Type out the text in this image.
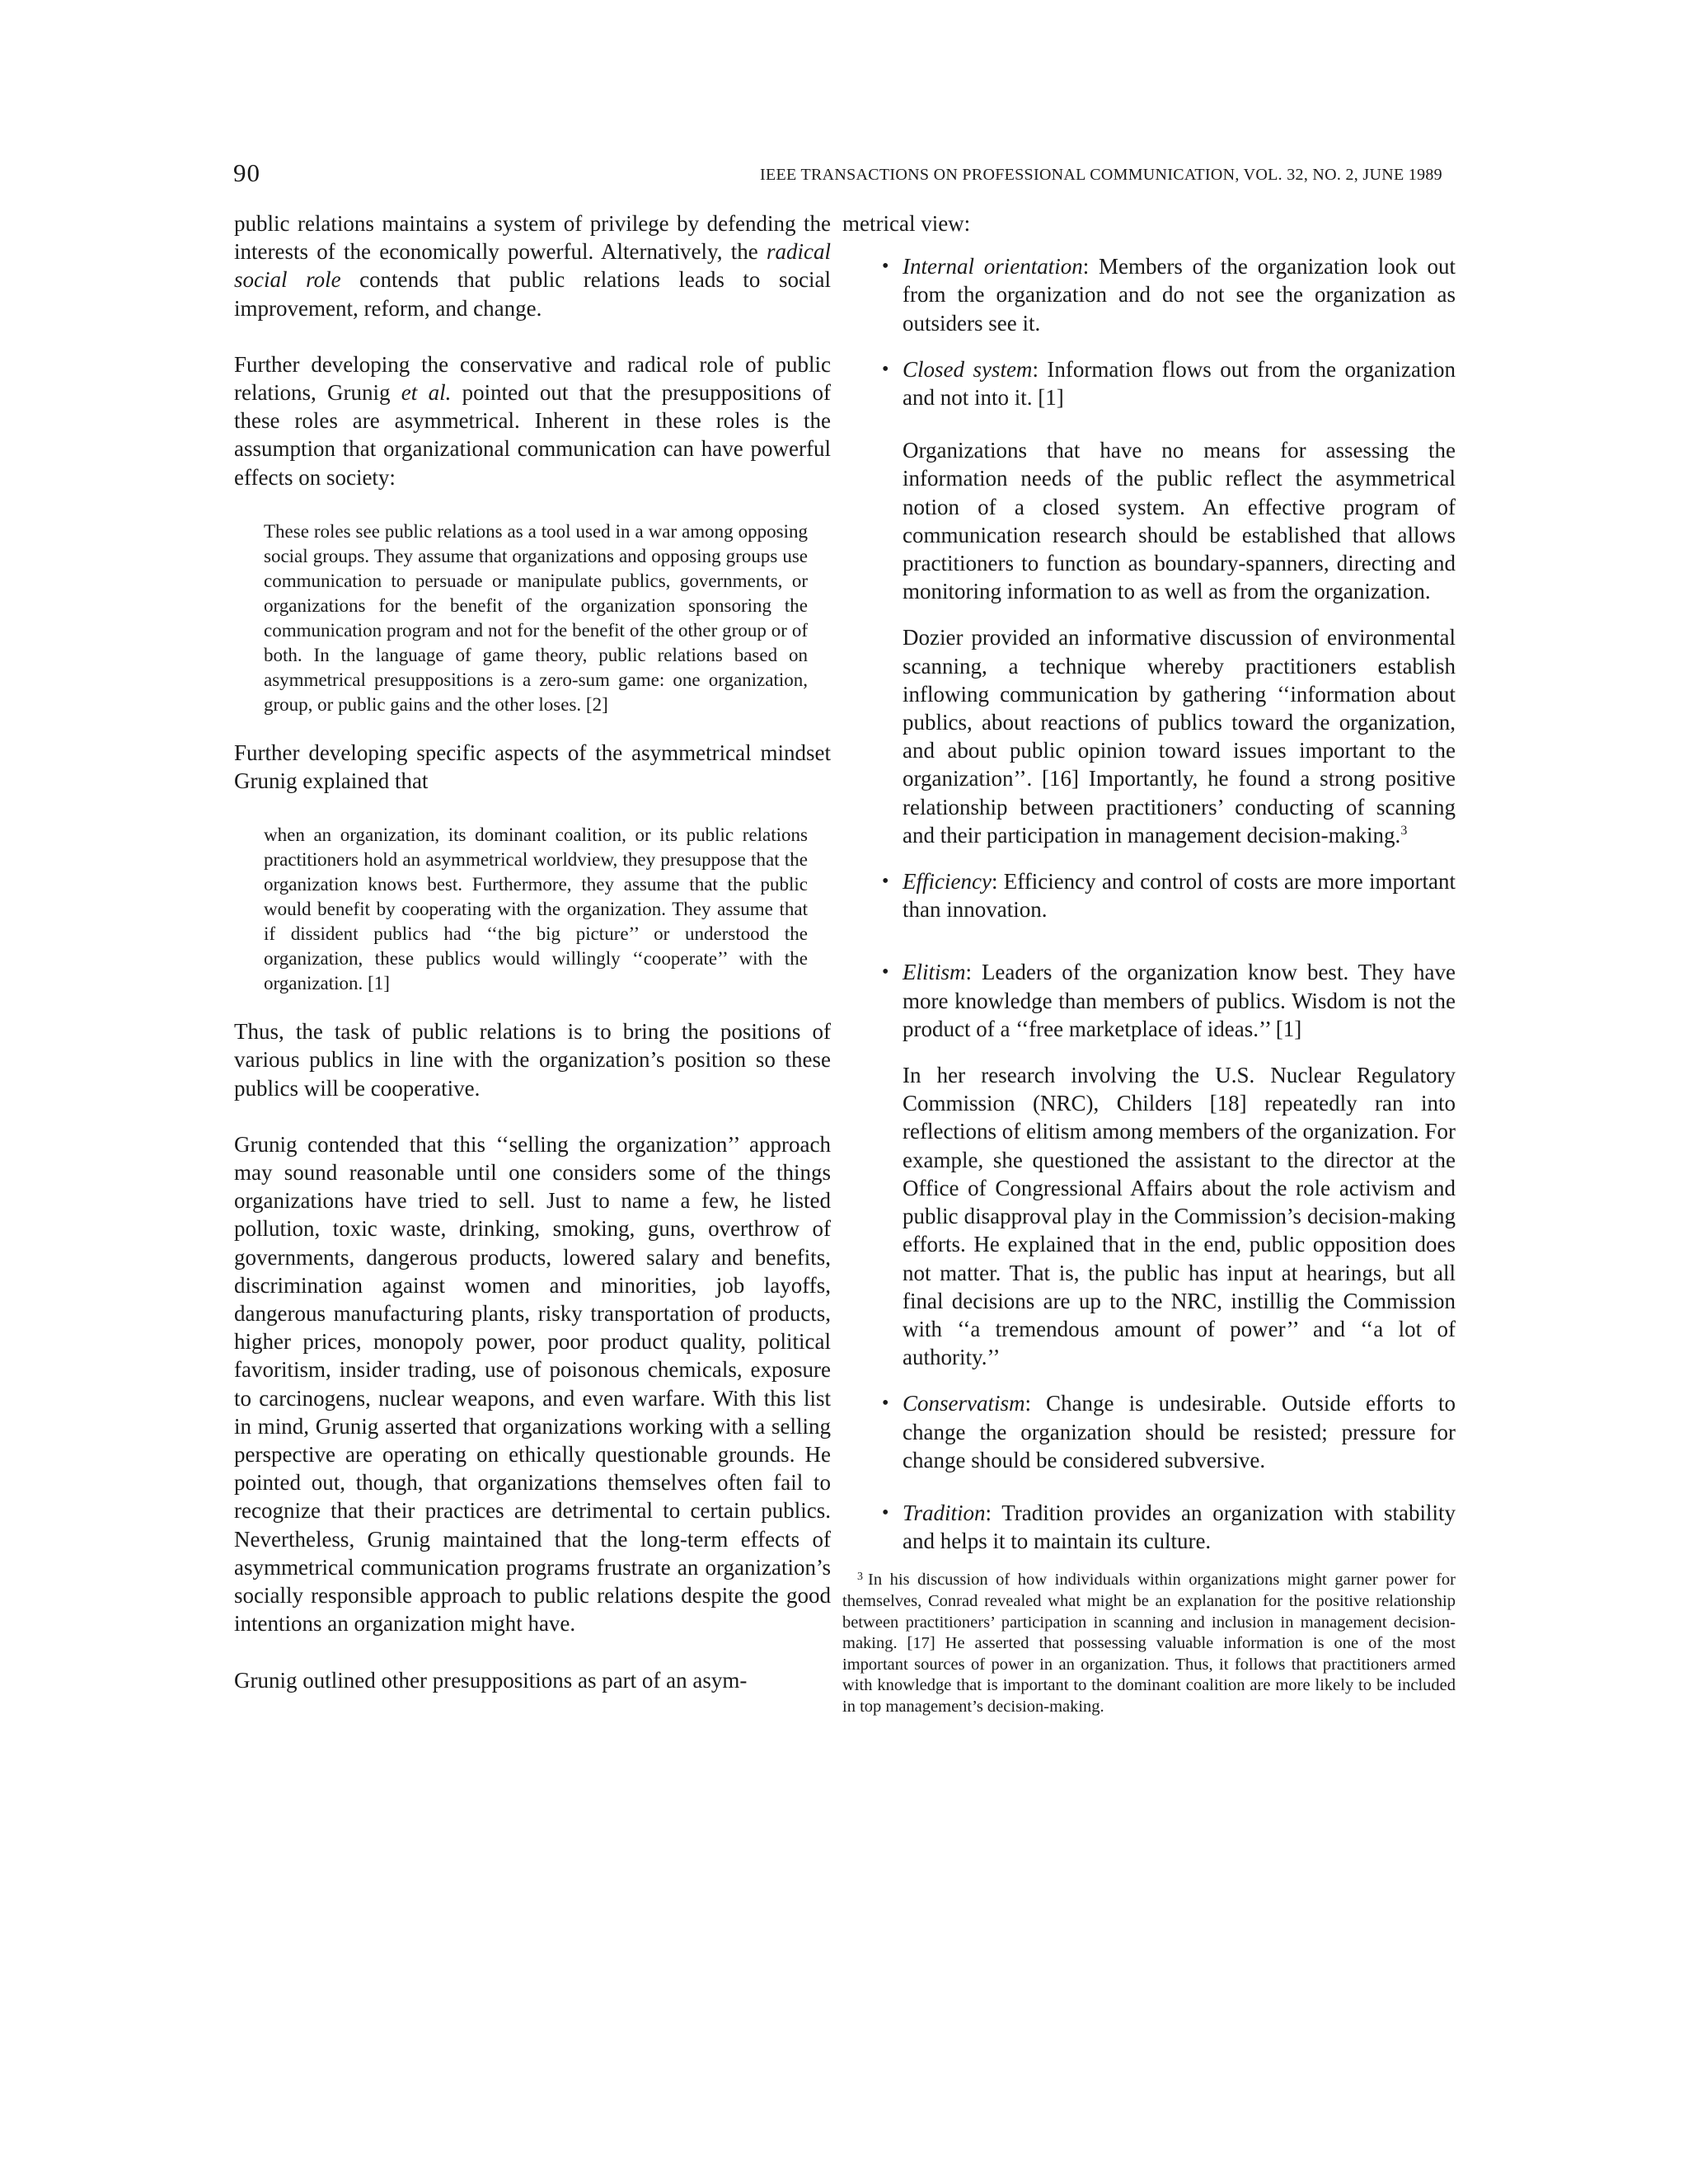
90	IEEE TRANSACTIONS ON PROFESSIONAL COMMUNICATION, VOL. 32, NO. 2, JUNE 1989

public relations maintains a system of privilege by defending the interests of the economically powerful. Alternatively, the radical social role contends that public relations leads to social improvement, reform, and change.

Further developing the conservative and radical role of public relations, Grunig et al. pointed out that the presuppositions of these roles are asymmetrical. Inherent in these roles is the assumption that organizational communication can have powerful effects on society:

These roles see public relations as a tool used in a war among opposing social groups. They assume that organizations and opposing groups use communication to persuade or manipulate publics, governments, or organizations for the benefit of the organization sponsoring the communication program and not for the benefit of the other group or of both. In the language of game theory, public relations based on asymmetrical presuppositions is a zero-sum game: one organization, group, or public gains and the other loses. [2]

Further developing specific aspects of the asymmetrical mindset Grunig explained that

when an organization, its dominant coalition, or its public relations practitioners hold an asymmetrical worldview, they presuppose that the organization knows best. Furthermore, they assume that the public would benefit by cooperating with the organization. They assume that if dissident publics had ‘‘the big picture’’ or understood the organization, these publics would willingly ‘‘cooperate’’ with the organization. [1]

Thus, the task of public relations is to bring the positions of various publics in line with the organization’s position so these publics will be cooperative.

Grunig contended that this ‘‘selling the organization’’ approach may sound reasonable until one considers some of the things organizations have tried to sell. Just to name a few, he listed pollution, toxic waste, drinking, smoking, guns, overthrow of governments, dangerous products, lowered salary and benefits, discrimination against women and minorities, job layoffs, dangerous manufacturing plants, risky transportation of products, higher prices, monopoly power, poor product quality, political favoritism, insider trading, use of poisonous chemicals, exposure to carcinogens, nuclear weapons, and even warfare. With this list in mind, Grunig asserted that organizations working with a selling perspective are operating on ethically questionable grounds. He pointed out, though, that organizations themselves often fail to recognize that their practices are detrimental to certain publics. Nevertheless, Grunig maintained that the long-term effects of asymmetrical communication programs frustrate an organization’s socially responsible approach to public relations despite the good intentions an organization might have.

Grunig outlined other presuppositions as part of an asym-

metrical view:

• Internal orientation: Members of the organization look out from the organization and do not see the organization as outsiders see it.
• Closed system: Information flows out from the organization and not into it. [1]

Organizations that have no means for assessing the information needs of the public reflect the asymmetrical notion of a closed system. An effective program of communication research should be established that allows practitioners to function as boundary-spanners, directing and monitoring information to as well as from the organization.

Dozier provided an informative discussion of environmental scanning, a technique whereby practitioners establish inflowing communication by gathering ‘‘information about publics, about reactions of publics toward the organization, and about public opinion toward issues important to the organization’’. [16] Importantly, he found a strong positive relationship between practitioners’ conducting of scanning and their participation in management decision-making.$^3$

• Efficiency: Efficiency and control of costs are more important than innovation.
• Elitism: Leaders of the organization know best. They have more knowledge than members of publics. Wisdom is not the product of a ‘‘free marketplace of ideas.’’ [1]

In her research involving the U.S. Nuclear Regulatory Commission (NRC), Childers [18] repeatedly ran into reflections of elitism among members of the organization. For example, she questioned the assistant to the director at the Office of Congressional Affairs about the role activism and public disapproval play in the Commission’s decision-making efforts. He explained that in the end, public opposition does not matter. That is, the public has input at hearings, but all final decisions are up to the NRC, instillig the Commission with ‘‘a tremendous amount of power’’ and ‘‘a lot of authority.’’

• Conservatism: Change is undesirable. Outside efforts to change the organization should be resisted; pressure for change should be considered subversive.
• Tradition: Tradition provides an organization with stability and helps it to maintain its culture.

$^3$ In his discussion of how individuals within organizations might garner power for themselves, Conrad revealed what might be an explanation for the positive relationship between practitioners’ participation in scanning and inclusion in management decision-making. [17] He asserted that possessing valuable information is one of the most important sources of power in an organization. Thus, it follows that practitioners armed with knowledge that is important to the dominant coalition are more likely to be included in top management’s decision-making.
